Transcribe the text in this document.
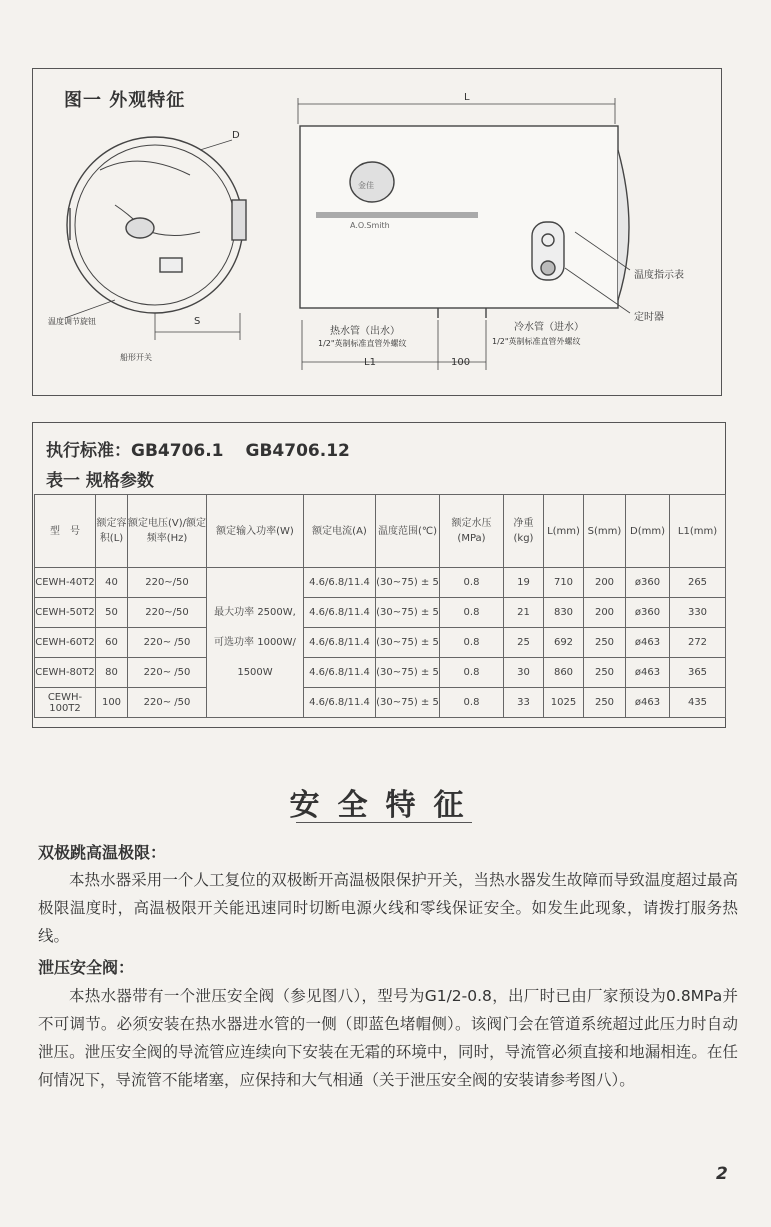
图一 外观特征
D
L
S
温度调节旋钮
船形开关
金佳
A.O.Smith
温度指示表
定时器
热水管（出水）
1/2"英制标准直管外螺纹
冷水管（进水）
1/2"英制标准直管外螺纹
L1	100
执行标准：GB4706.1 GB4706.12
表一 规格参数
型　号	额定容积(L)	额定电压(V)/额定频率(Hz)	额定输入功率(W)	额定电流(A)	温度范围(℃)	额定水压(MPa)	净重(kg)	L(mm)	S(mm)	D(mm)	L1(mm)
CEWH-40T2	40	220~/50	最大功率 2500W,
可选功率 1000W/
1500W	4.6/6.8/11.4	(30~75) ± 5	0.8	19	710	200	ø360	265
CEWH-50T2	50	220~/50		4.6/6.8/11.4	(30~75) ± 5	0.8	21	830	200	ø360	330
CEWH-60T2	60	220~ /50		4.6/6.8/11.4	(30~75) ± 5	0.8	25	692	250	ø463	272
CEWH-80T2	80	220~ /50		4.6/6.8/11.4	(30~75) ± 5	0.8	30	860	250	ø463	365
CEWH-100T2	100	220~ /50		4.6/6.8/11.4	(30~75) ± 5	0.8	33	1025	250	ø463	435
安全特征
双极跳高温极限：

本热水器采用一个人工复位的双极断开高温极限保护开关，当热水器发生故障而导致温度超过最高极限温度时，高温极限开关能迅速同时切断电源火线和零线保证安全。如发生此现象，请拨打服务热线。

泄压安全阀：

本热水器带有一个泄压安全阀（参见图八），型号为G1/2-0.8，出厂时已由厂家预设为0.8MPa并不可调节。必须安装在热水器进水管的一侧（即蓝色堵帽侧）。该阀门会在管道系统超过此压力时自动泄压。泄压安全阀的导流管应连续向下安装在无霜的环境中，同时，导流管必须直接和地漏相连。在任何情况下，导流管不能堵塞，应保持和大气相通（关于泄压安全阀的安装请参考图八）。

2
